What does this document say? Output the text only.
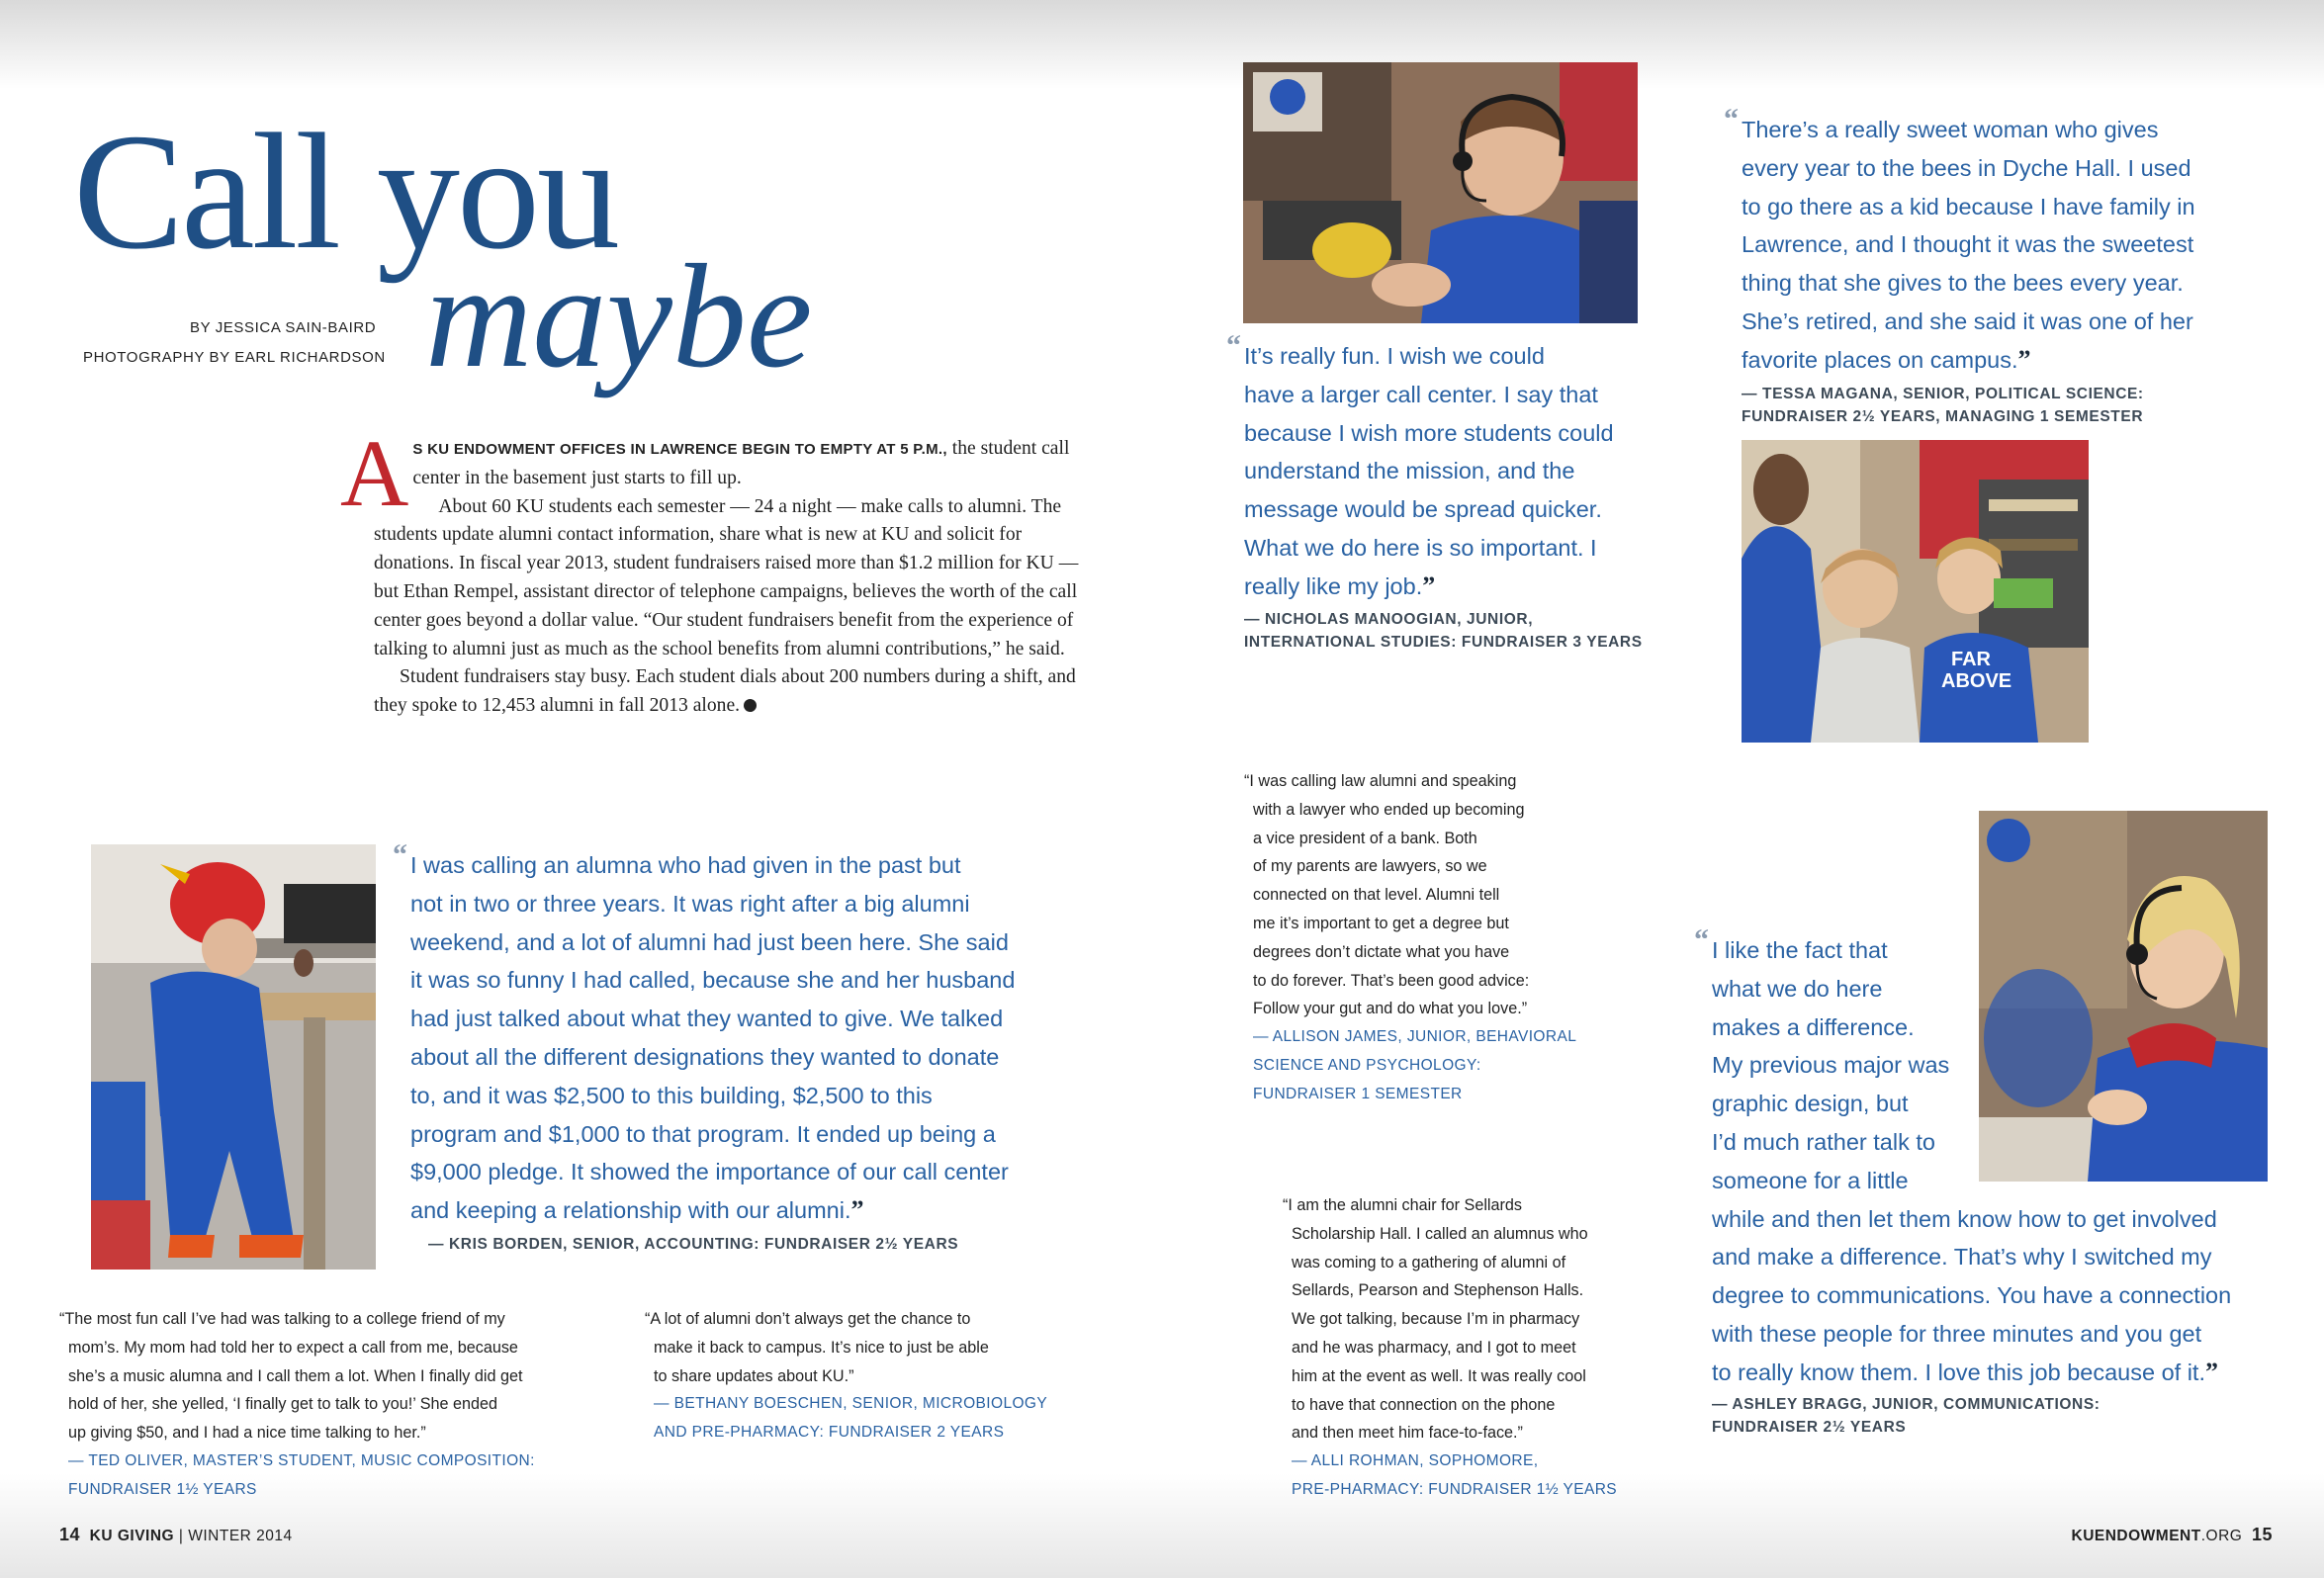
Call you
maybe
BY JESSICA SAIN-BAIRD
PHOTOGRAPHY BY EARL RICHARDSON
A S KU ENDOWMENT OFFICES IN LAWRENCE BEGIN TO EMPTY AT 5 P.M., the student call center in the basement just starts to fill up.
About 60 KU students each semester — 24 a night — make calls to alumni. The students update alumni contact information, share what is new at KU and solicit for donations. In fiscal year 2013, student fundraisers raised more than $1.2 million for KU — but Ethan Rempel, assistant director of telephone campaigns, believes the worth of the call center goes beyond a dollar value. “Our student fundraisers benefit from the experience of talking to alumni just as much as the school benefits from alumni contributions,” he said.
Student fundraisers stay busy. Each student dials about 200 numbers during a shift, and they spoke to 12,453 alumni in fall 2013 alone.
“ I was calling an alumna who had given in the past but
not in two or three years. It was right after a big alumni
weekend, and a lot of alumni had just been here. She said
it was so funny I had called, because she and her husband
had just talked about what they wanted to give. We talked
about all the different designations they wanted to donate
to, and it was $2,500 to this building, $2,500 to this
program and $1,000 to that program. It ended up being a
$9,000 pledge. It showed the importance of our call center
and keeping a relationship with our alumni.”
— KRIS BORDEN, SENIOR, ACCOUNTING: FUNDRAISER 2½ YEARS
“The most fun call I’ve had was talking to a college friend of my
mom’s. My mom had told her to expect a call from me, because
she’s a music alumna and I call them a lot. When I finally did get
hold of her, she yelled, ‘I finally get to talk to you!’ She ended
up giving $50, and I had a nice time talking to her.”
— TED OLIVER, MASTER’S STUDENT, MUSIC COMPOSITION:
FUNDRAISER 1½ YEARS
“A lot of alumni don’t always get the chance to
make it back to campus. It’s nice to just be able
to share updates about KU.”
— BETHANY BOESCHEN, SENIOR, MICROBIOLOGY
AND PRE-PHARMACY: FUNDRAISER 2 YEARS
“ It’s really fun. I wish we could
have a larger call center. I say that
because I wish more students could
understand the mission, and the
message would be spread quicker.
What we do here is so important. I
really like my job.”
— NICHOLAS MANOOGIAN, JUNIOR,
INTERNATIONAL STUDIES: FUNDRAISER 3 YEARS
“I was calling law alumni and speaking
with a lawyer who ended up becoming
a vice president of a bank. Both
of my parents are lawyers, so we
connected on that level. Alumni tell
me it’s important to get a degree but
degrees don’t dictate what you have
to do forever. That’s been good advice:
Follow your gut and do what you love.”
— ALLISON JAMES, JUNIOR, BEHAVIORAL
SCIENCE AND PSYCHOLOGY:
FUNDRAISER 1 SEMESTER
“I am the alumni chair for Sellards
Scholarship Hall. I called an alumnus who
was coming to a gathering of alumni of
Sellards, Pearson and Stephenson Halls.
We got talking, because I’m in pharmacy
and he was pharmacy, and I got to meet
him at the event as well. It was really cool
to have that connection on the phone
and then meet him face-to-face.”
— ALLI ROHMAN, SOPHOMORE,
PRE-PHARMACY: FUNDRAISER 1½ YEARS
“ There’s a really sweet woman who gives
every year to the bees in Dyche Hall. I used
to go there as a kid because I have family in
Lawrence, and I thought it was the sweetest
thing that she gives to the bees every year.
She’s retired, and she said it was one of her
favorite places on campus.”
— TESSA MAGANA, SENIOR, POLITICAL SCIENCE:
FUNDRAISER 2½ YEARS, MANAGING 1 SEMESTER
FAR
ABOVE
“ I like the fact that
what we do here
makes a difference.
My previous major was
graphic design, but
I’d much rather talk to
someone for a little
while and then let them know how to get involved
and make a difference. That’s why I switched my
degree to communications. You have a connection
with these people for three minutes and you get
to really know them. I love this job because of it.”
— ASHLEY BRAGG, JUNIOR, COMMUNICATIONS:
FUNDRAISER 2½ YEARS
14 KU GIVING | WINTER 2014	KUENDOWMENT.ORG 15
